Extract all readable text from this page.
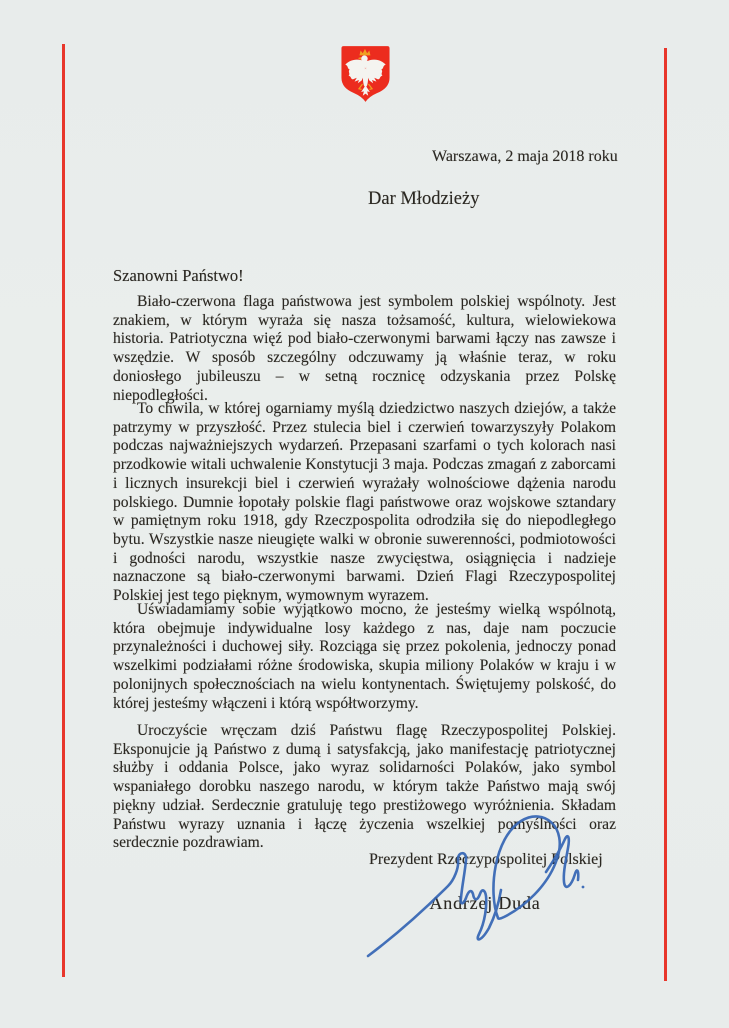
Warszawa, 2 maja 2018 roku
Dar Młodzieży
Szanowni Państwo!

Biało-czerwona flaga państwowa jest symbolem polskiej wspólnoty. Jest znakiem, w którym wyraża się nasza tożsamość, kultura, wielowiekowa historia. Patriotyczna więź pod biało-czerwonymi barwami łączy nas zawsze i wszędzie. W sposób szczególny odczuwamy ją właśnie teraz, w roku doniosłego jubileuszu – w setną rocznicę odzyskania przez Polskę niepodległości.

To chwila, w której ogarniamy myślą dziedzictwo naszych dziejów, a także patrzymy w przyszłość. Przez stulecia biel i czerwień towarzyszyły Polakom podczas najważniejszych wydarzeń. Przepasani szarfami o tych kolorach nasi przodkowie witali uchwalenie Konstytucji 3 maja. Podczas zmagań z zaborcami i licznych insurekcji biel i czerwień wyrażały wolnościowe dążenia narodu polskiego. Dumnie łopotały polskie flagi państwowe oraz wojskowe sztandary w pamiętnym roku 1918, gdy Rzeczpospolita odrodziła się do niepodległego bytu. Wszystkie nasze nieugięte walki w obronie suwerenności, podmiotowości i godności narodu, wszystkie nasze zwycięstwa, osiągnięcia i nadzieje naznaczone są biało-czerwonymi barwami. Dzień Flagi Rzeczypospolitej Polskiej jest tego pięknym, wymownym wyrazem.

Uświadamiamy sobie wyjątkowo mocno, że jesteśmy wielką wspólnotą, która obejmuje indywidualne losy każdego z nas, daje nam poczucie przynależności i duchowej siły. Rozciąga się przez pokolenia, jednoczy ponad wszelkimi podziałami różne środowiska, skupia miliony Polaków w kraju i w polonijnych społecznościach na wielu kontynentach. Świętujemy polskość, do której jesteśmy włączeni i którą współtworzymy.

Uroczyście wręczam dziś Państwu flagę Rzeczypospolitej Polskiej. Eksponujcie ją Państwo z dumą i satysfakcją, jako manifestację patriotycznej służby i oddania Polsce, jako wyraz solidarności Polaków, jako symbol wspaniałego dorobku naszego narodu, w którym także Państwo mają swój piękny udział. Serdecznie gratuluję tego prestiżowego wyróżnienia. Składam Państwu wyrazy uznania i łączę życzenia wszelkiej pomyślności oraz serdecznie pozdrawiam.

Prezydent Rzeczypospolitej Polskiej
Andrzej Duda
